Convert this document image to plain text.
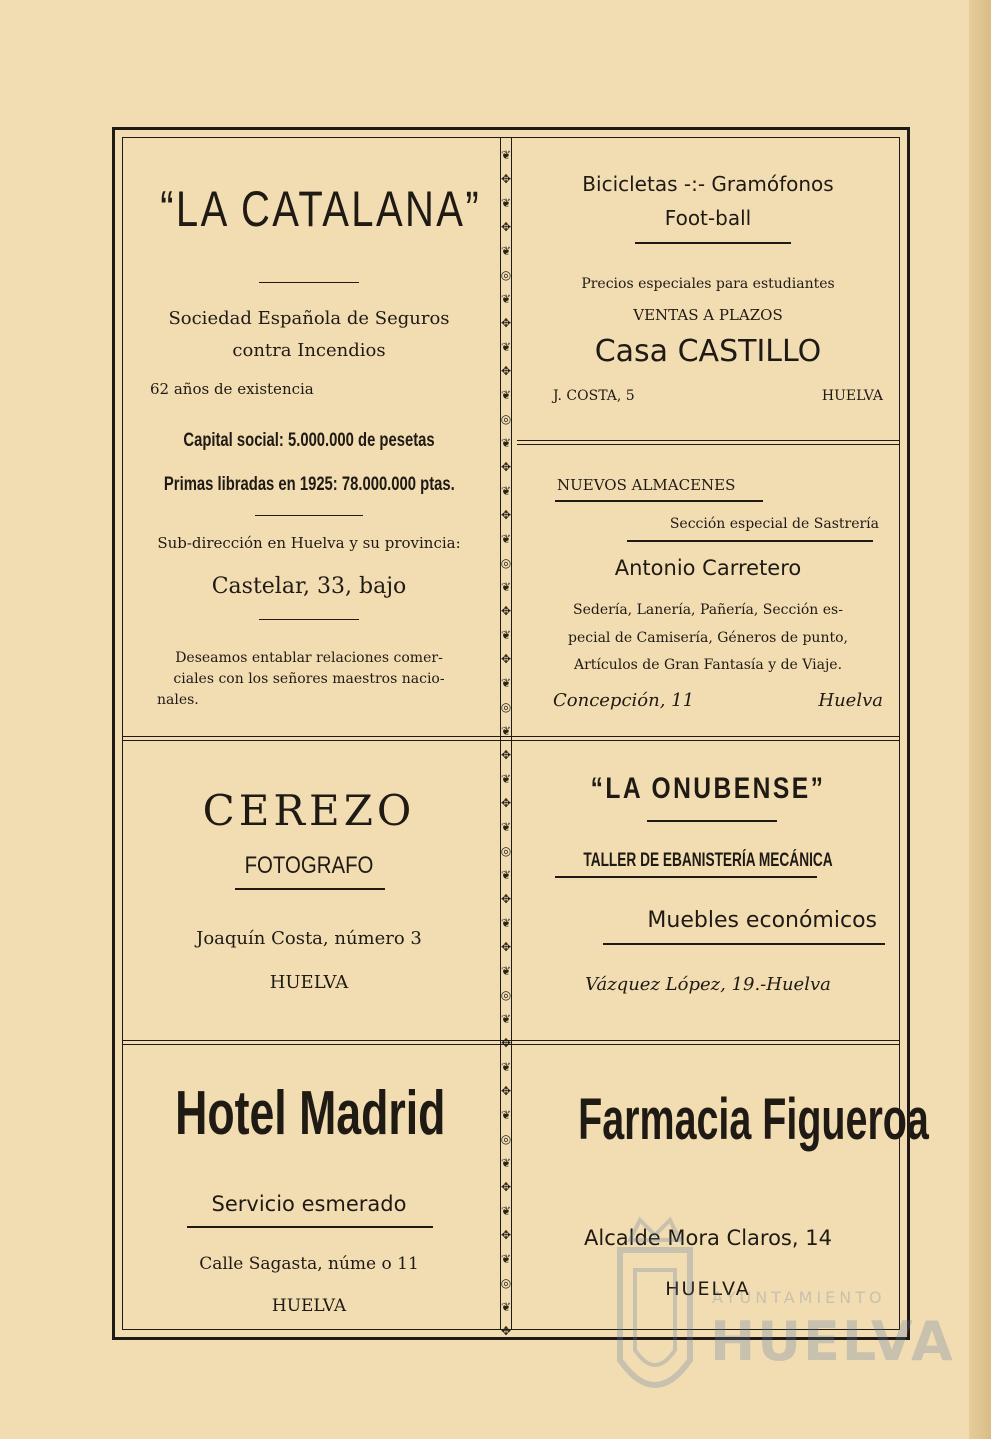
❦
✥
❦
✥
❦
◎
❦
✥
❦
✥
❦
◎
❦
✥
❦
✥
❦
◎
❦
✥
❦
✥
❦
◎
❦
✥
❦
✥
❦
◎
❦
✥
❦
✥
❦
◎
❦
✥
❦
✥
❦
◎
❦
✥
❦
✥
❦
◎
❦
✥
“LA CATALANA”
Sociedad Española de Seguros
contra Incendios
62 años de existencia
Capital social: 5.000.000 de pesetas
Primas libradas en 1925: 78.000.000 ptas.
Sub-dirección en Huelva y su provincia:
Castelar, 33, bajo
Deseamos entablar relaciones comer-
ciales con los señores maestros nacio-
nales.
Bicicletas -:- Gramófonos
Foot-ball
Precios especiales para estudiantes
VENTAS A PLAZOS
Casa CASTILLO
J. COSTA, 5	HUELVA
NUEVOS ALMACENES
Sección especial de Sastrería
Antonio Carretero
Sedería, Lanería, Pañería, Sección es-
pecial de Camisería, Géneros de punto,
Artículos de Gran Fantasía y de Viaje.
Concepción, 11	Huelva
CEREZO
FOTOGRAFO
Joaquín Costa, número 3
HUELVA
“LA ONUBENSE”
TALLER DE EBANISTERÍA MECÁNICA
Muebles económicos
Vázquez López, 19.-Huelva
Hotel Madrid
Servicio esmerado
Calle Sagasta, núme o 11
HUELVA
Farmacia Figueroa
Alcalde Mora Claros, 14
HUELVA
AYUNTAMIENTO
HUELVA
